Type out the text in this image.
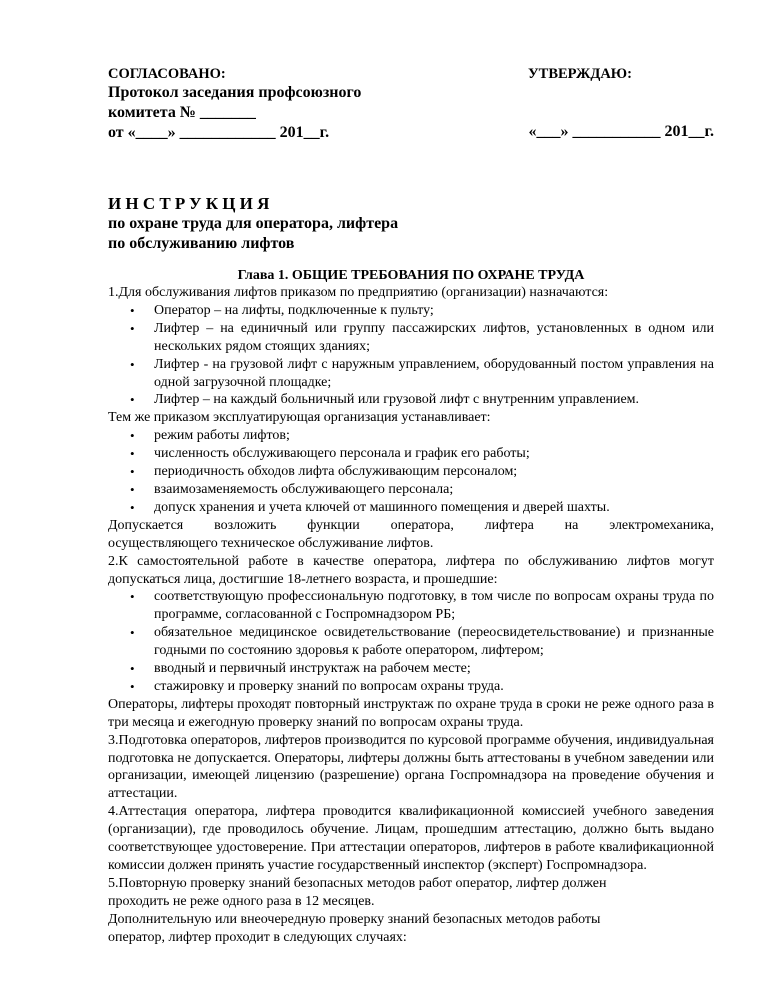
СОГЛАСОВАНО:
Протокол заседания профсоюзного
комитета № _______
от «____» ____________ 201__г.
УТВЕРЖДАЮ:
«___» ___________ 201__г.
ИНСТРУКЦИЯ
по охране труда для оператора, лифтера
по обслуживанию лифтов
Глава 1. ОБЩИЕ ТРЕБОВАНИЯ ПО ОХРАНЕ ТРУДА

1.Для обслуживания лифтов приказом по предприятию (организации) назначаются:

• Оператор – на лифты, подключенные к пульту;
• Лифтер – на единичный или группу пассажирских лифтов, установленных в одном или нескольких рядом стоящих зданиях;
• Лифтер - на грузовой лифт с наружным управлением, оборудованный постом управления на одной загрузочной площадке;
• Лифтер – на каждый больничный или грузовой лифт с внутренним управлением.

Тем же приказом эксплуатирующая организация устанавливает:

• режим работы лифтов;
• численность обслуживающего персонала и график его работы;
• периодичность обходов лифта обслуживающим персоналом;
• взаимозаменяемость обслуживающего персонала;
• допуск хранения и учета ключей от машинного помещения и дверей шахты.

Допускается возложить функции оператора, лифтера на электромеханика,

осуществляющего техническое обслуживание лифтов.

2.К самостоятельной работе в качестве оператора, лифтера по обслуживанию лифтов могут допускаться лица, достигшие 18-летнего возраста, и прошедшие:

• соответствующую профессиональную подготовку, в том числе по вопросам охраны труда по программе, согласованной с Госпромнадзором РБ;
• обязательное медицинское освидетельствование (переосвидетельствование) и признанные годными по состоянию здоровья к работе оператором, лифтером;
• вводный и первичный инструктаж на рабочем месте;
• стажировку и проверку знаний по вопросам охраны труда.

Операторы, лифтеры проходят повторный инструктаж по охране труда в сроки не реже одного раза в три месяца и ежегодную проверку знаний по вопросам охраны труда.

3.Подготовка операторов, лифтеров производится по курсовой программе обучения, индивидуальная подготовка не допускается. Операторы, лифтеры должны быть аттестованы в учебном заведении или организации, имеющей лицензию (разрешение) органа Госпромнадзора на проведение обучения и аттестации.

4.Аттестация оператора, лифтера проводится квалификационной комиссией учебного заведения (организации), где проводилось обучение. Лицам, прошедшим аттестацию, должно быть выдано соответствующее удостоверение. При аттестации операторов, лифтеров в работе квалификационной комиссии должен принять участие государственный инспектор (эксперт) Госпромнадзора.

5.Повторную проверку знаний безопасных методов работ оператор, лифтер должен

проходить не реже одного раза в 12 месяцев.

Дополнительную или внеочередную проверку знаний безопасных методов работы

оператор, лифтер проходит в следующих случаях:
